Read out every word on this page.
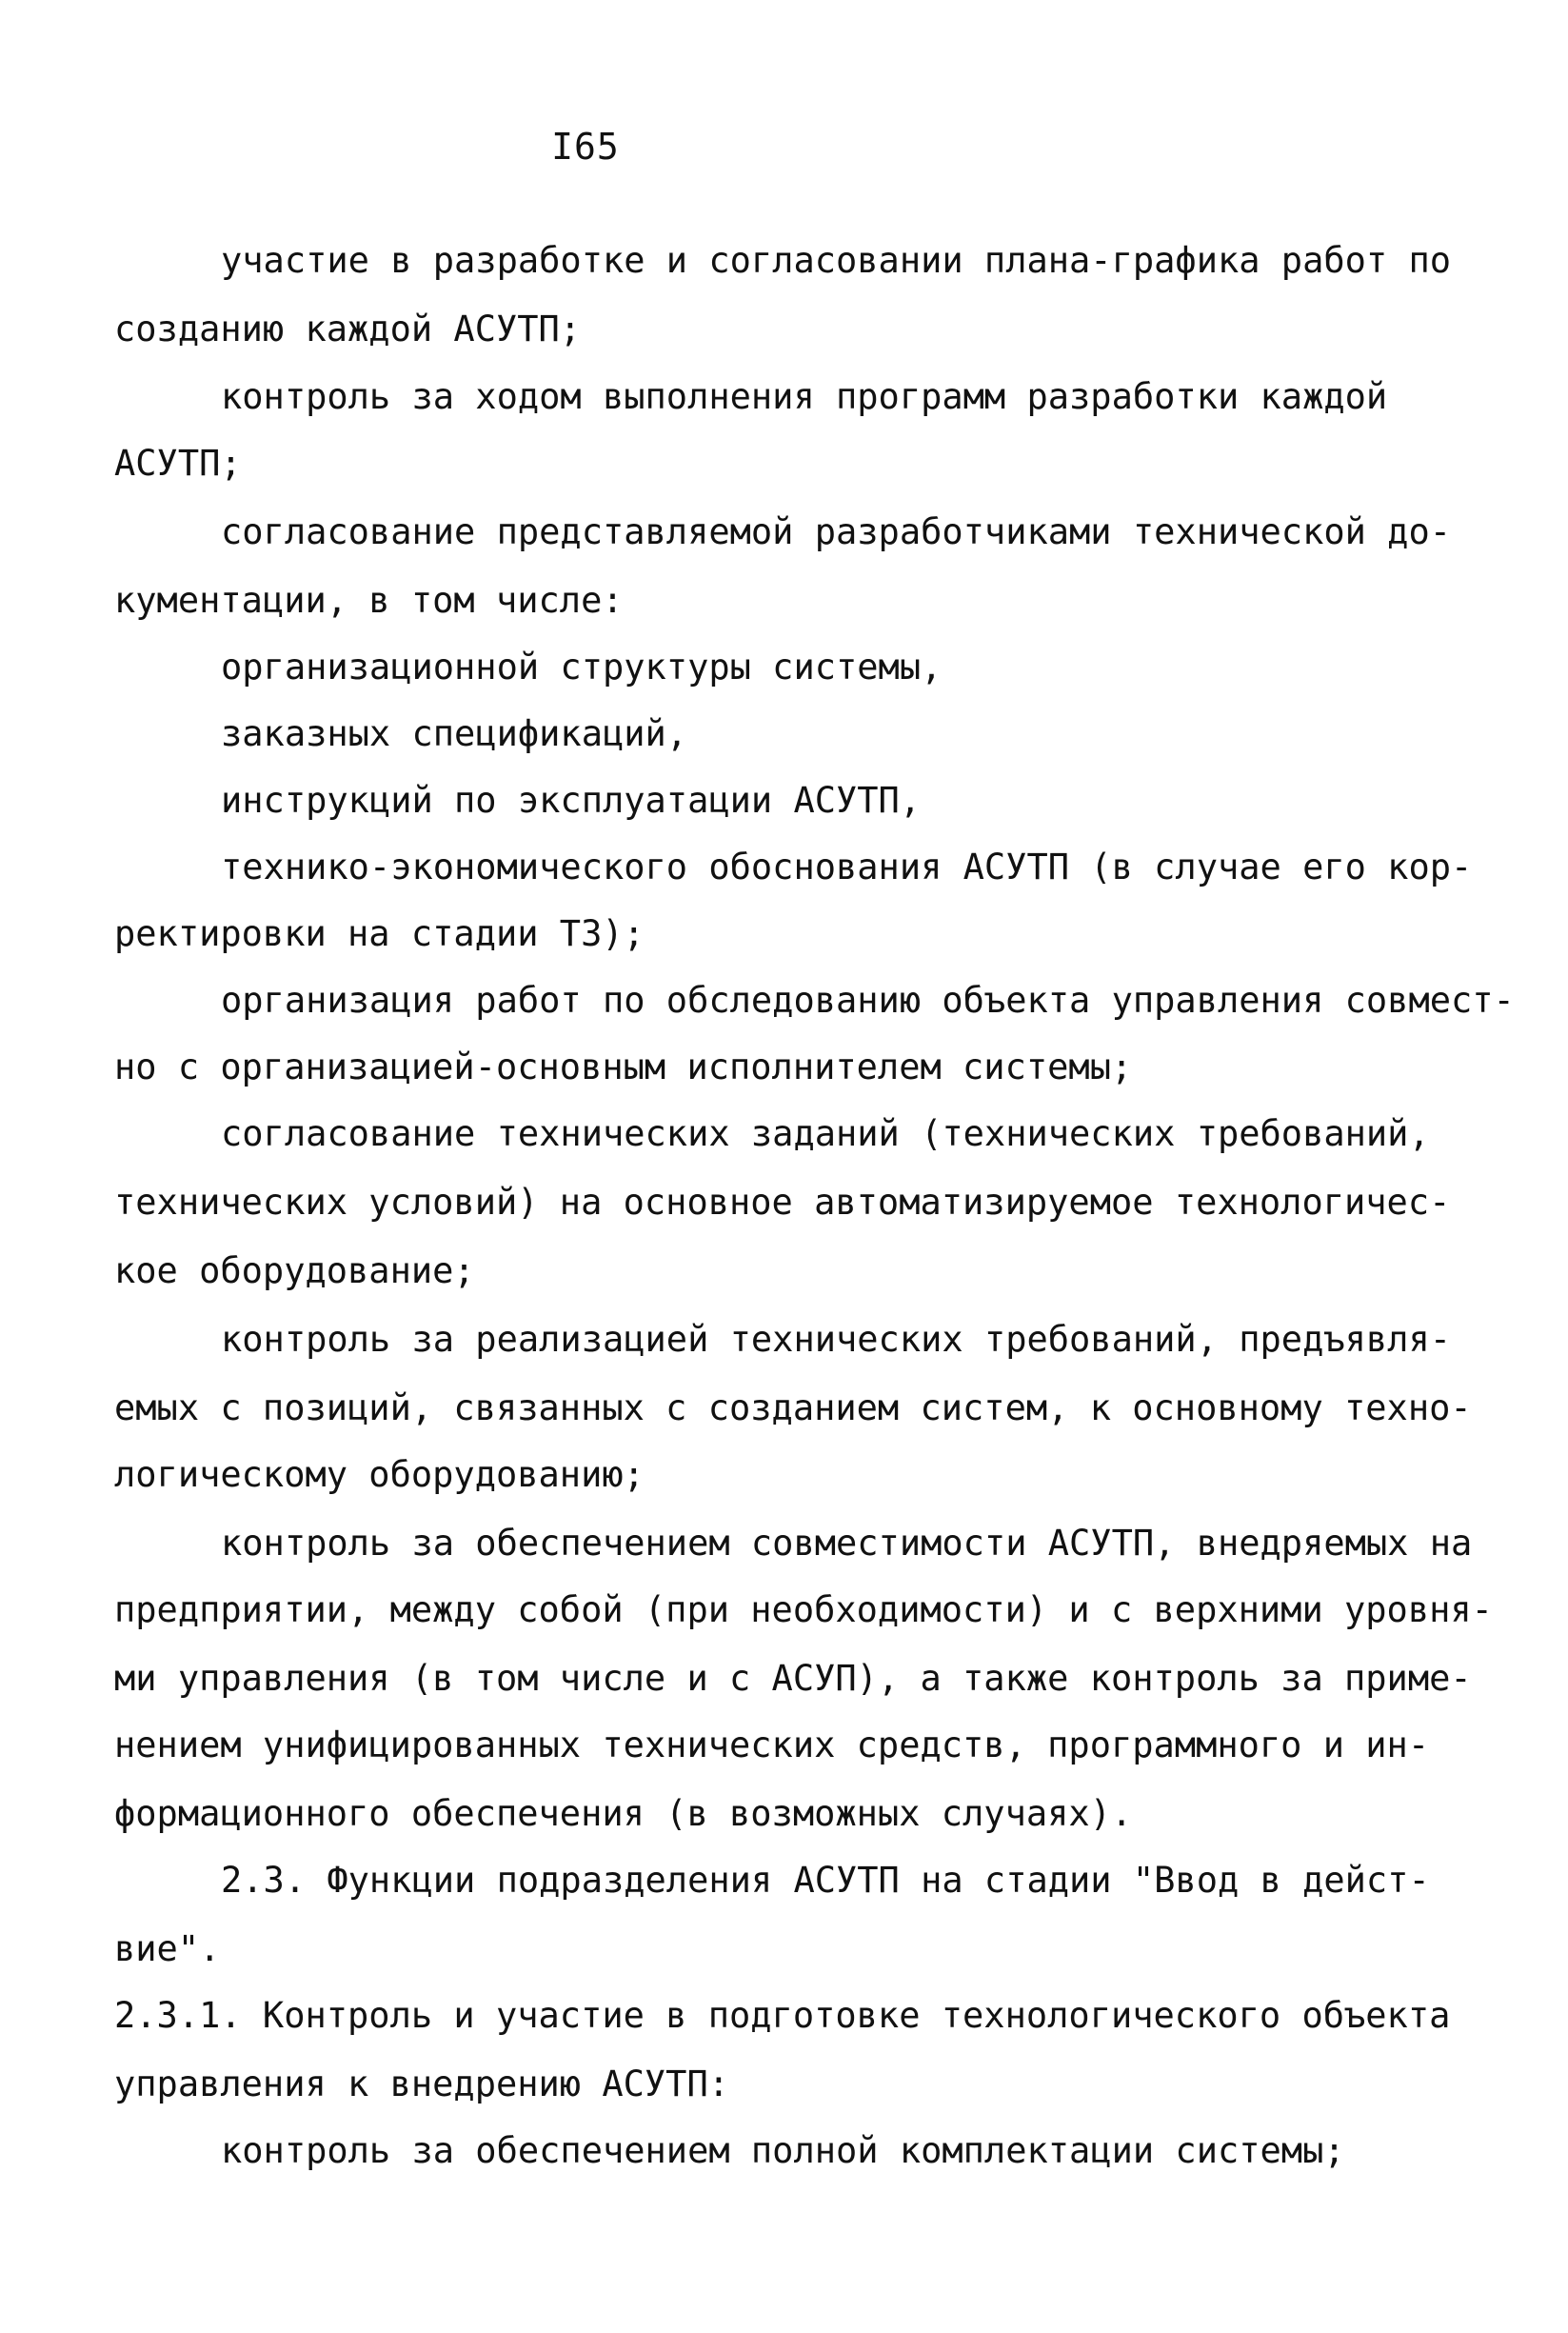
I65
участие в разработке и согласовании плана-графика работ по
созданию каждой АСУТП;
контроль за ходом выполнения программ разработки каждой
АСУТП;
согласование представляемой разработчиками технической до-
кументации, в том числе:
организационной структуры системы,
заказных спецификаций,
инструкций по эксплуатации АСУТП,
технико-экономического обоснования АСУТП (в случае его кор-
ректировки на стадии ТЗ);
организация работ по обследованию объекта управления совмест-
но с организацией-основным исполнителем системы;
согласование технических заданий (технических требований,
технических условий) на основное автоматизируемое технологичес-
кое оборудование;
контроль за реализацией технических требований, предъявля-
емых с позиций, связанных с созданием систем, к основному техно-
логическому оборудованию;
контроль за обеспечением совместимости АСУТП, внедряемых на
предприятии, между собой (при необходимости) и с верхними уровня-
ми управления (в том числе и с АСУП), а также контроль за приме-
нением унифицированных технических средств, программного и ин-
формационного обеспечения (в возможных случаях).
2.3. Функции подразделения АСУТП на стадии "Ввод в дейст-
вие".
2.3.1. Контроль и участие в подготовке технологического объекта
управления к внедрению АСУТП:
контроль за обеспечением полной комплектации системы;
